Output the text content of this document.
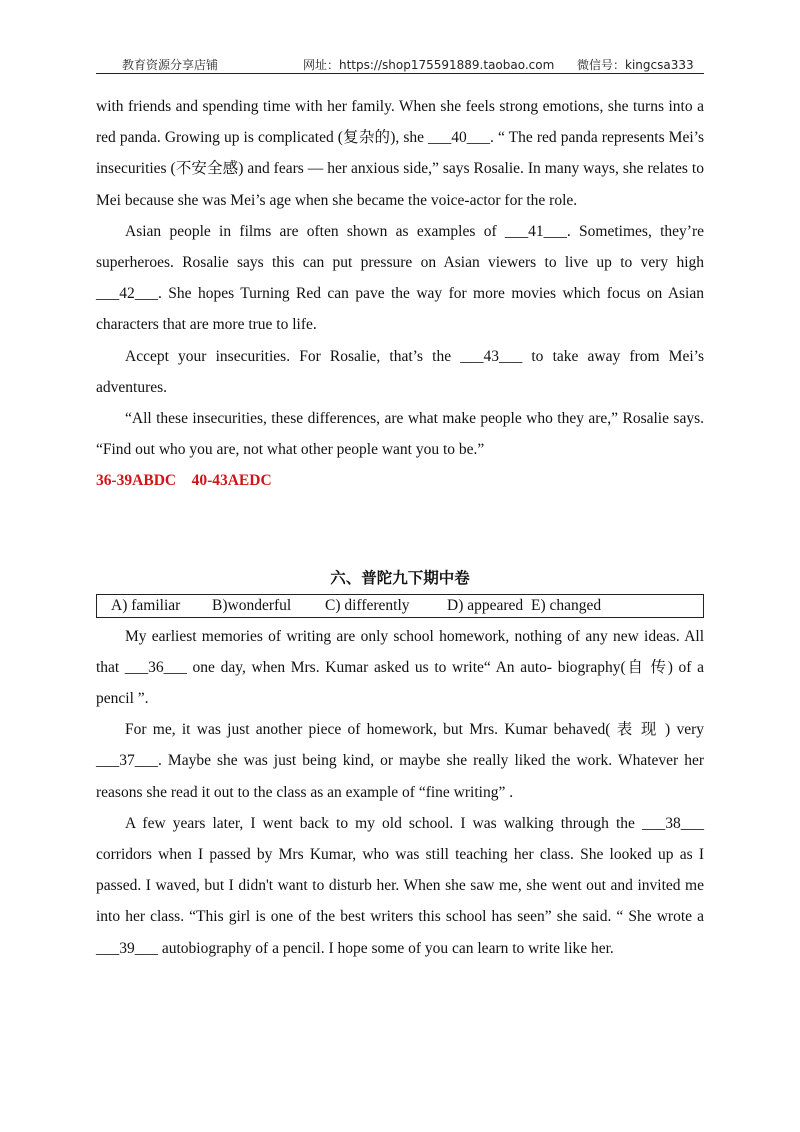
教育资源分享店铺	网址：https://shop175591889.taobao.com 微信号：kingcsa333

with friends and spending time with her family. When she feels strong emotions, she turns into a red panda. Growing up is complicated (复杂的), she ___40___. “ The red panda represents Mei’s insecurities (不安全感) and fears — her anxious side,” says Rosalie. In many ways, she relates to Mei because she was Mei’s age when she became the voice-actor for the role.

Asian people in films are often shown as examples of ___41___. Sometimes, they’re superheroes. Rosalie says this can put pressure on Asian viewers to live up to very high ___42___. She hopes Turning Red can pave the way for more movies which focus on Asian characters that are more true to life.

Accept your insecurities. For Rosalie, that’s the ___43___ to take away from Mei’s adventures.

“All these insecurities, these differences, are what make people who they are,” Rosalie says. “Find out who you are, not what other people want you to be.”

36-39ABDC    40-43AEDC

六、普陀九下期中卷
A) familiar B)wonderful C) differently D) appeared E) changed

My earliest memories of writing are only school homework, nothing of any new ideas. All that ___36___ one day, when Mrs. Kumar asked us to write“ An auto- biography(自 传) of a pencil ”.

For me, it was just another piece of homework, but Mrs. Kumar behaved( 表 现 ) very ___37___. Maybe she was just being kind, or maybe she really liked the work. Whatever her reasons she read it out to the class as an example of “fine writing” .

A few years later, I went back to my old school. I was walking through the ___38___ corridors when I passed by Mrs Kumar, who was still teaching her class. She looked up as I passed. I waved, but I didn't want to disturb her. When she saw me, she went out and invited me into her class. “This girl is one of the best writers this school has seen” she said. “ She wrote a ___39___ autobiography of a pencil. I hope some of you can learn to write like her.
